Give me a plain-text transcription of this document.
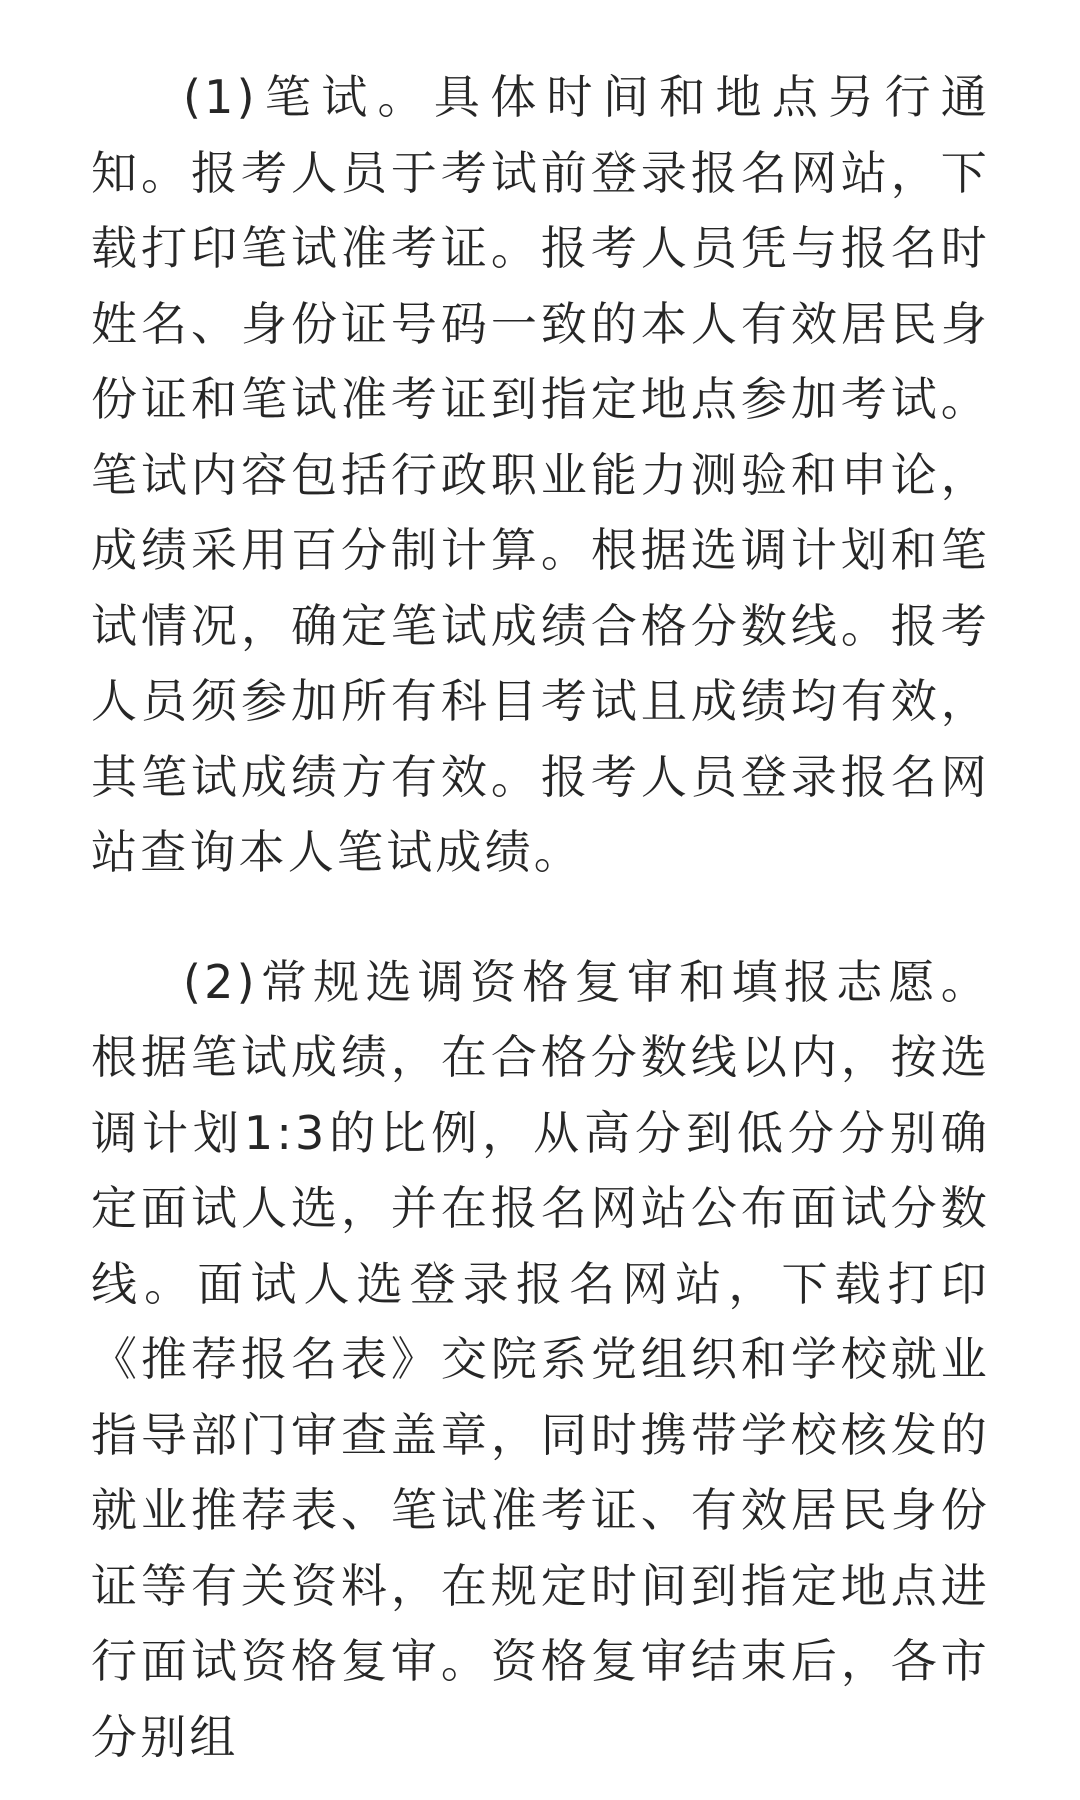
(1)笔试。具体时间和地点另行通知。报考人员于考试前登录报名网站，下载打印笔试准考证。报考人员凭与报名时姓名、身份证号码一致的本人有效居民身份证和笔试准考证到指定地点参加考试。笔试内容包括行政职业能力测验和申论，成绩采用百分制计算。根据选调计划和笔试情况，确定笔试成绩合格分数线。报考人员须参加所有科目考试且成绩均有效，其笔试成绩方有效。报考人员登录报名网站查询本人笔试成绩。

(2)常规选调资格复审和填报志愿。根据笔试成绩，在合格分数线以内，按选调计划1:3的比例，从高分到低分分别确定面试人选，并在报名网站公布面试分数线。面试人选登录报名网站，下载打印《推荐报名表》交院系党组织和学校就业指导部门审查盖章，同时携带学校核发的就业推荐表、笔试准考证、有效居民身份证等有关资料，在规定时间到指定地点进行面试资格复审。资格复审结束后，各市分别组
